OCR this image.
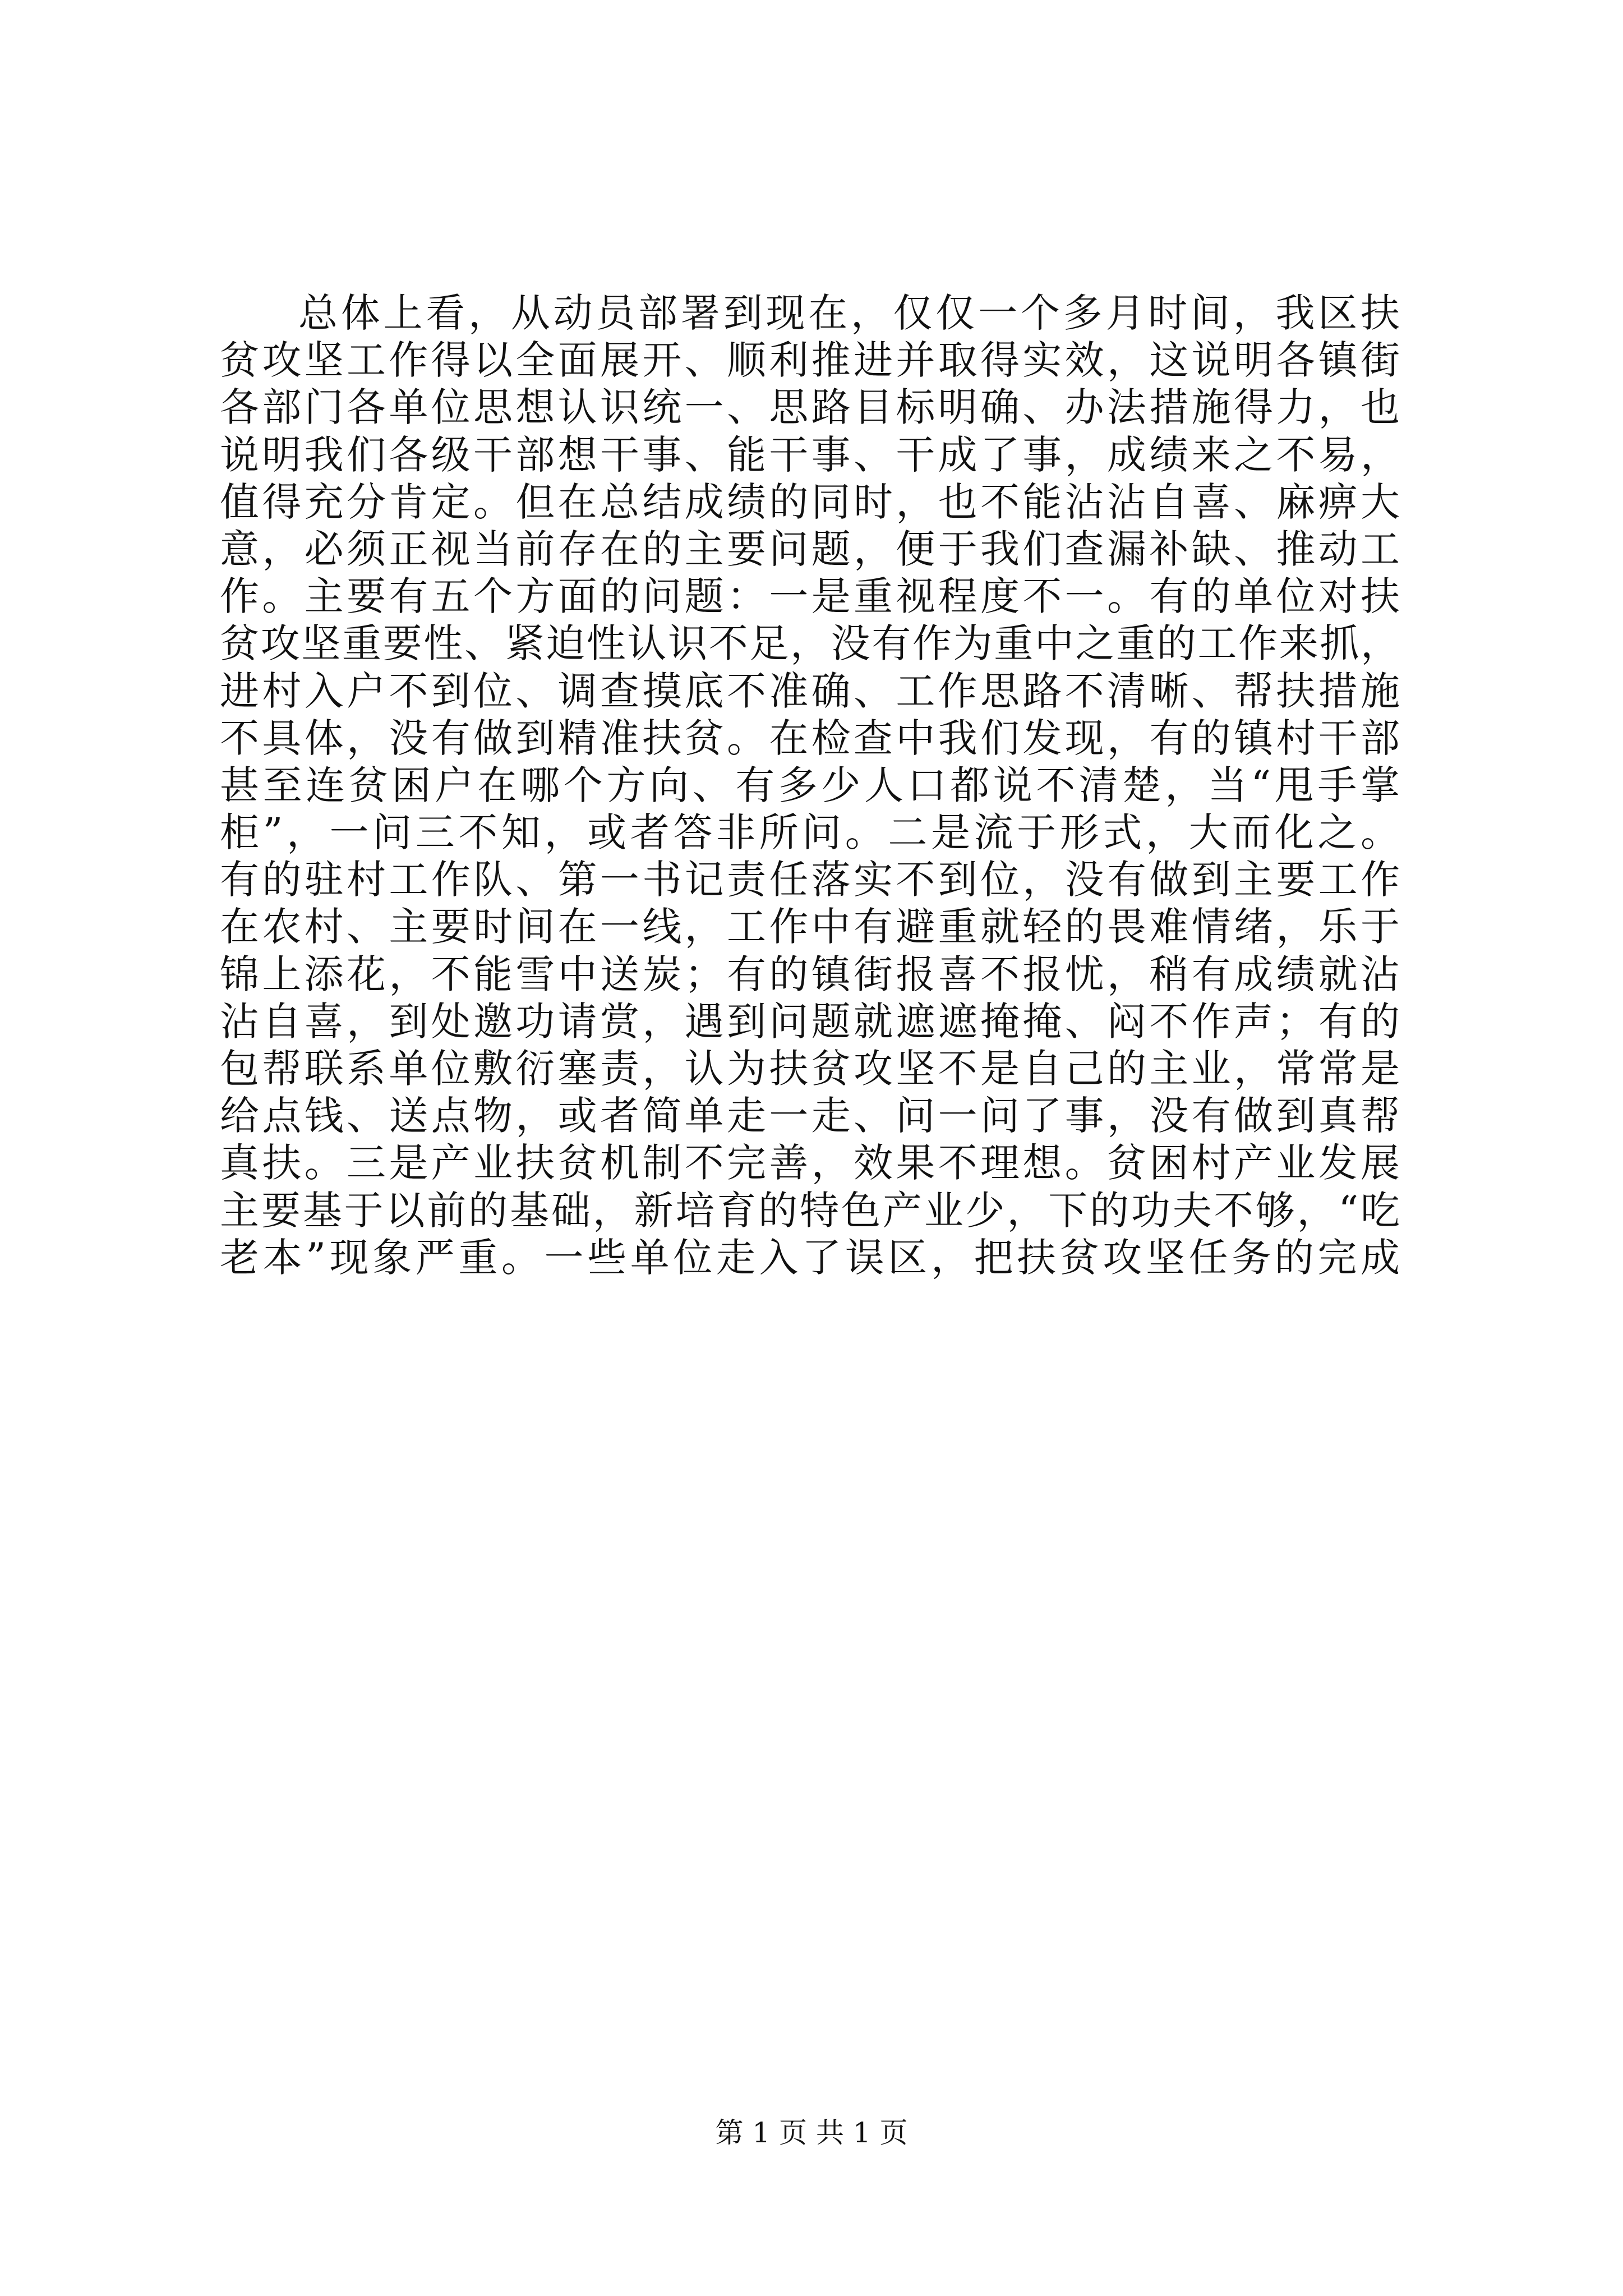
总体上看，从动员部署到现在，仅仅一个多月时间，我区扶
贫攻坚工作得以全面展开、顺利推进并取得实效，这说明各镇街
各部门各单位思想认识统一、思路目标明确、办法措施得力，也
说明我们各级干部想干事、能干事、干成了事，成绩来之不易，
值得充分肯定。但在总结成绩的同时，也不能沾沾自喜、麻痹大
意，必须正视当前存在的主要问题，便于我们查漏补缺、推动工
作。主要有五个方面的问题：一是重视程度不一。有的单位对扶
贫攻坚重要性、紧迫性认识不足，没有作为重中之重的工作来抓，
进村入户不到位、调查摸底不准确、工作思路不清晰、帮扶措施
不具体，没有做到精准扶贫。在检查中我们发现，有的镇村干部
甚至连贫困户在哪个方向、有多少人口都说不清楚，当“甩手掌
柜”，一问三不知，或者答非所问。二是流于形式，大而化之。
有的驻村工作队、第一书记责任落实不到位，没有做到主要工作
在农村、主要时间在一线，工作中有避重就轻的畏难情绪，乐于
锦上添花，不能雪中送炭；有的镇街报喜不报忧，稍有成绩就沾
沾自喜，到处邀功请赏，遇到问题就遮遮掩掩、闷不作声；有的
包帮联系单位敷衍塞责，认为扶贫攻坚不是自己的主业，常常是
给点钱、送点物，或者简单走一走、问一问了事，没有做到真帮
真扶。三是产业扶贫机制不完善，效果不理想。贫困村产业发展
主要基于以前的基础，新培育的特色产业少，下的功夫不够，“吃
老本”现象严重。一些单位走入了误区，把扶贫攻坚任务的完成
第 1 页 共 1 页
